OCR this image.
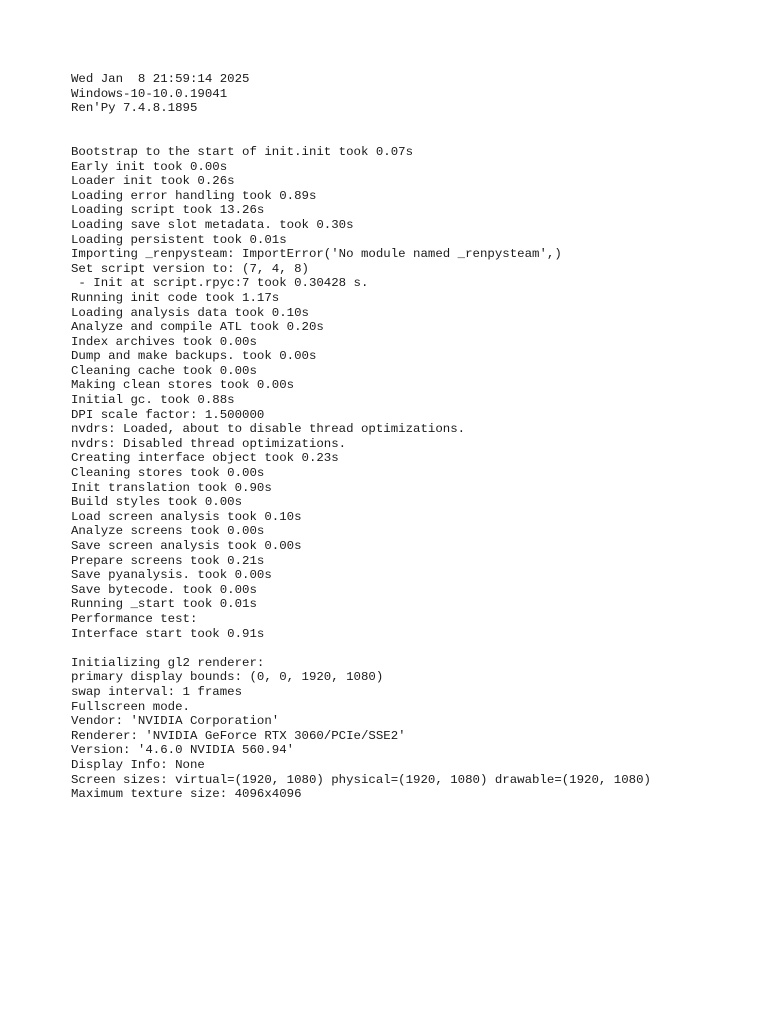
Wed Jan  8 21:59:14 2025
Windows-10-10.0.19041
Ren'Py 7.4.8.1895
Bootstrap to the start of init.init took 0.07s
Early init took 0.00s
Loader init took 0.26s
Loading error handling took 0.89s
Loading script took 13.26s
Loading save slot metadata. took 0.30s
Loading persistent took 0.01s
Importing _renpysteam: ImportError('No module named _renpysteam',)
Set script version to: (7, 4, 8)
- Init at script.rpyc:7 took 0.30428 s.
Running init code took 1.17s
Loading analysis data took 0.10s
Analyze and compile ATL took 0.20s
Index archives took 0.00s
Dump and make backups. took 0.00s
Cleaning cache took 0.00s
Making clean stores took 0.00s
Initial gc. took 0.88s
DPI scale factor: 1.500000
nvdrs: Loaded, about to disable thread optimizations.
nvdrs: Disabled thread optimizations.
Creating interface object took 0.23s
Cleaning stores took 0.00s
Init translation took 0.90s
Build styles took 0.00s
Load screen analysis took 0.10s
Analyze screens took 0.00s
Save screen analysis took 0.00s
Prepare screens took 0.21s
Save pyanalysis. took 0.00s
Save bytecode. took 0.00s
Running _start took 0.01s
Performance test:
Interface start took 0.91s
Initializing gl2 renderer:
primary display bounds: (0, 0, 1920, 1080)
swap interval: 1 frames
Fullscreen mode.
Vendor: 'NVIDIA Corporation'
Renderer: 'NVIDIA GeForce RTX 3060/PCIe/SSE2'
Version: '4.6.0 NVIDIA 560.94'
Display Info: None
Screen sizes: virtual=(1920, 1080) physical=(1920, 1080) drawable=(1920, 1080)
Maximum texture size: 4096x4096
